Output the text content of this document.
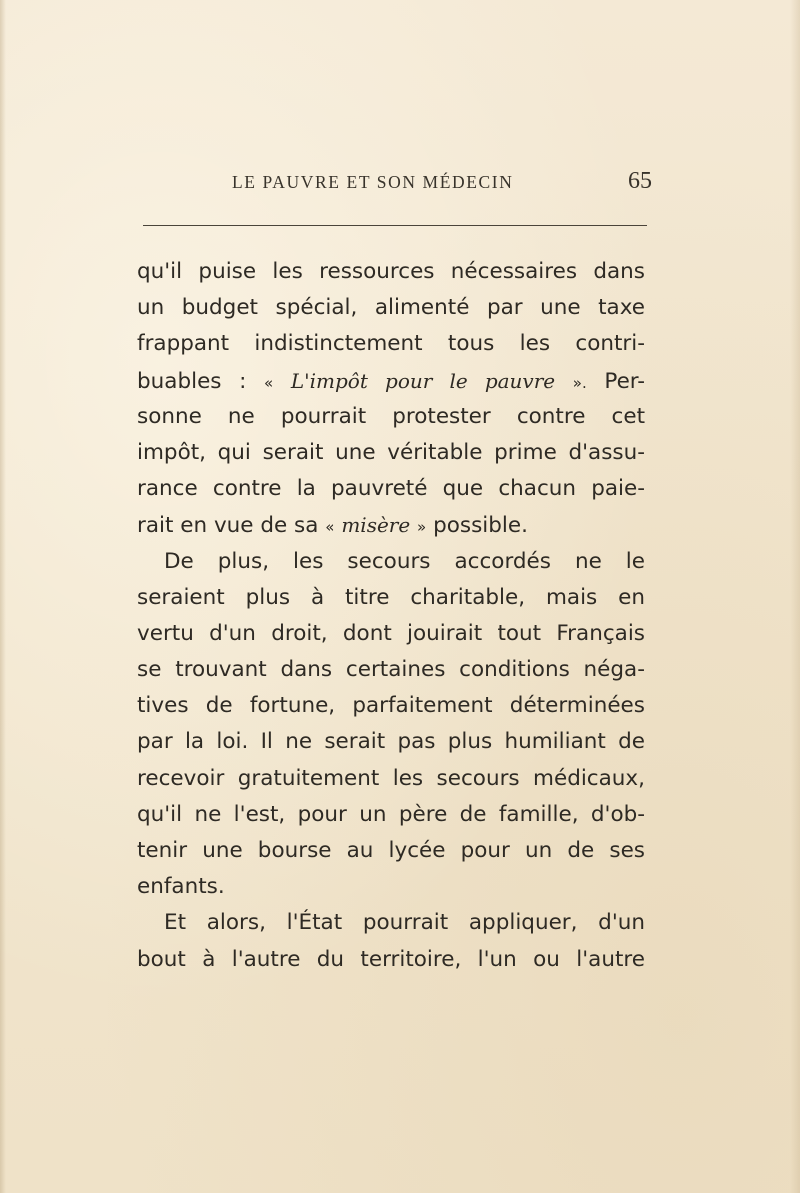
LE PAUVRE ET SON MÉDECIN	65
qu'il puise les ressources nécessaires dans
un budget spécial, alimenté par une taxe
frappant indistinctement tous les contri-
buables : « L'impôt pour le pauvre ». Per-
sonne ne pourrait protester contre cet
impôt, qui serait une véritable prime d'assu-
rance contre la pauvreté que chacun paie-
rait en vue de sa « misère » possible.
De plus, les secours accordés ne le
seraient plus à titre charitable, mais en
vertu d'un droit, dont jouirait tout Français
se trouvant dans certaines conditions néga-
tives de fortune, parfaitement déterminées
par la loi. Il ne serait pas plus humiliant de
recevoir gratuitement les secours médicaux,
qu'il ne l'est, pour un père de famille, d'ob-
tenir une bourse au lycée pour un de ses
enfants.
Et alors, l'État pourrait appliquer, d'un
bout à l'autre du territoire, l'un ou l'autre
